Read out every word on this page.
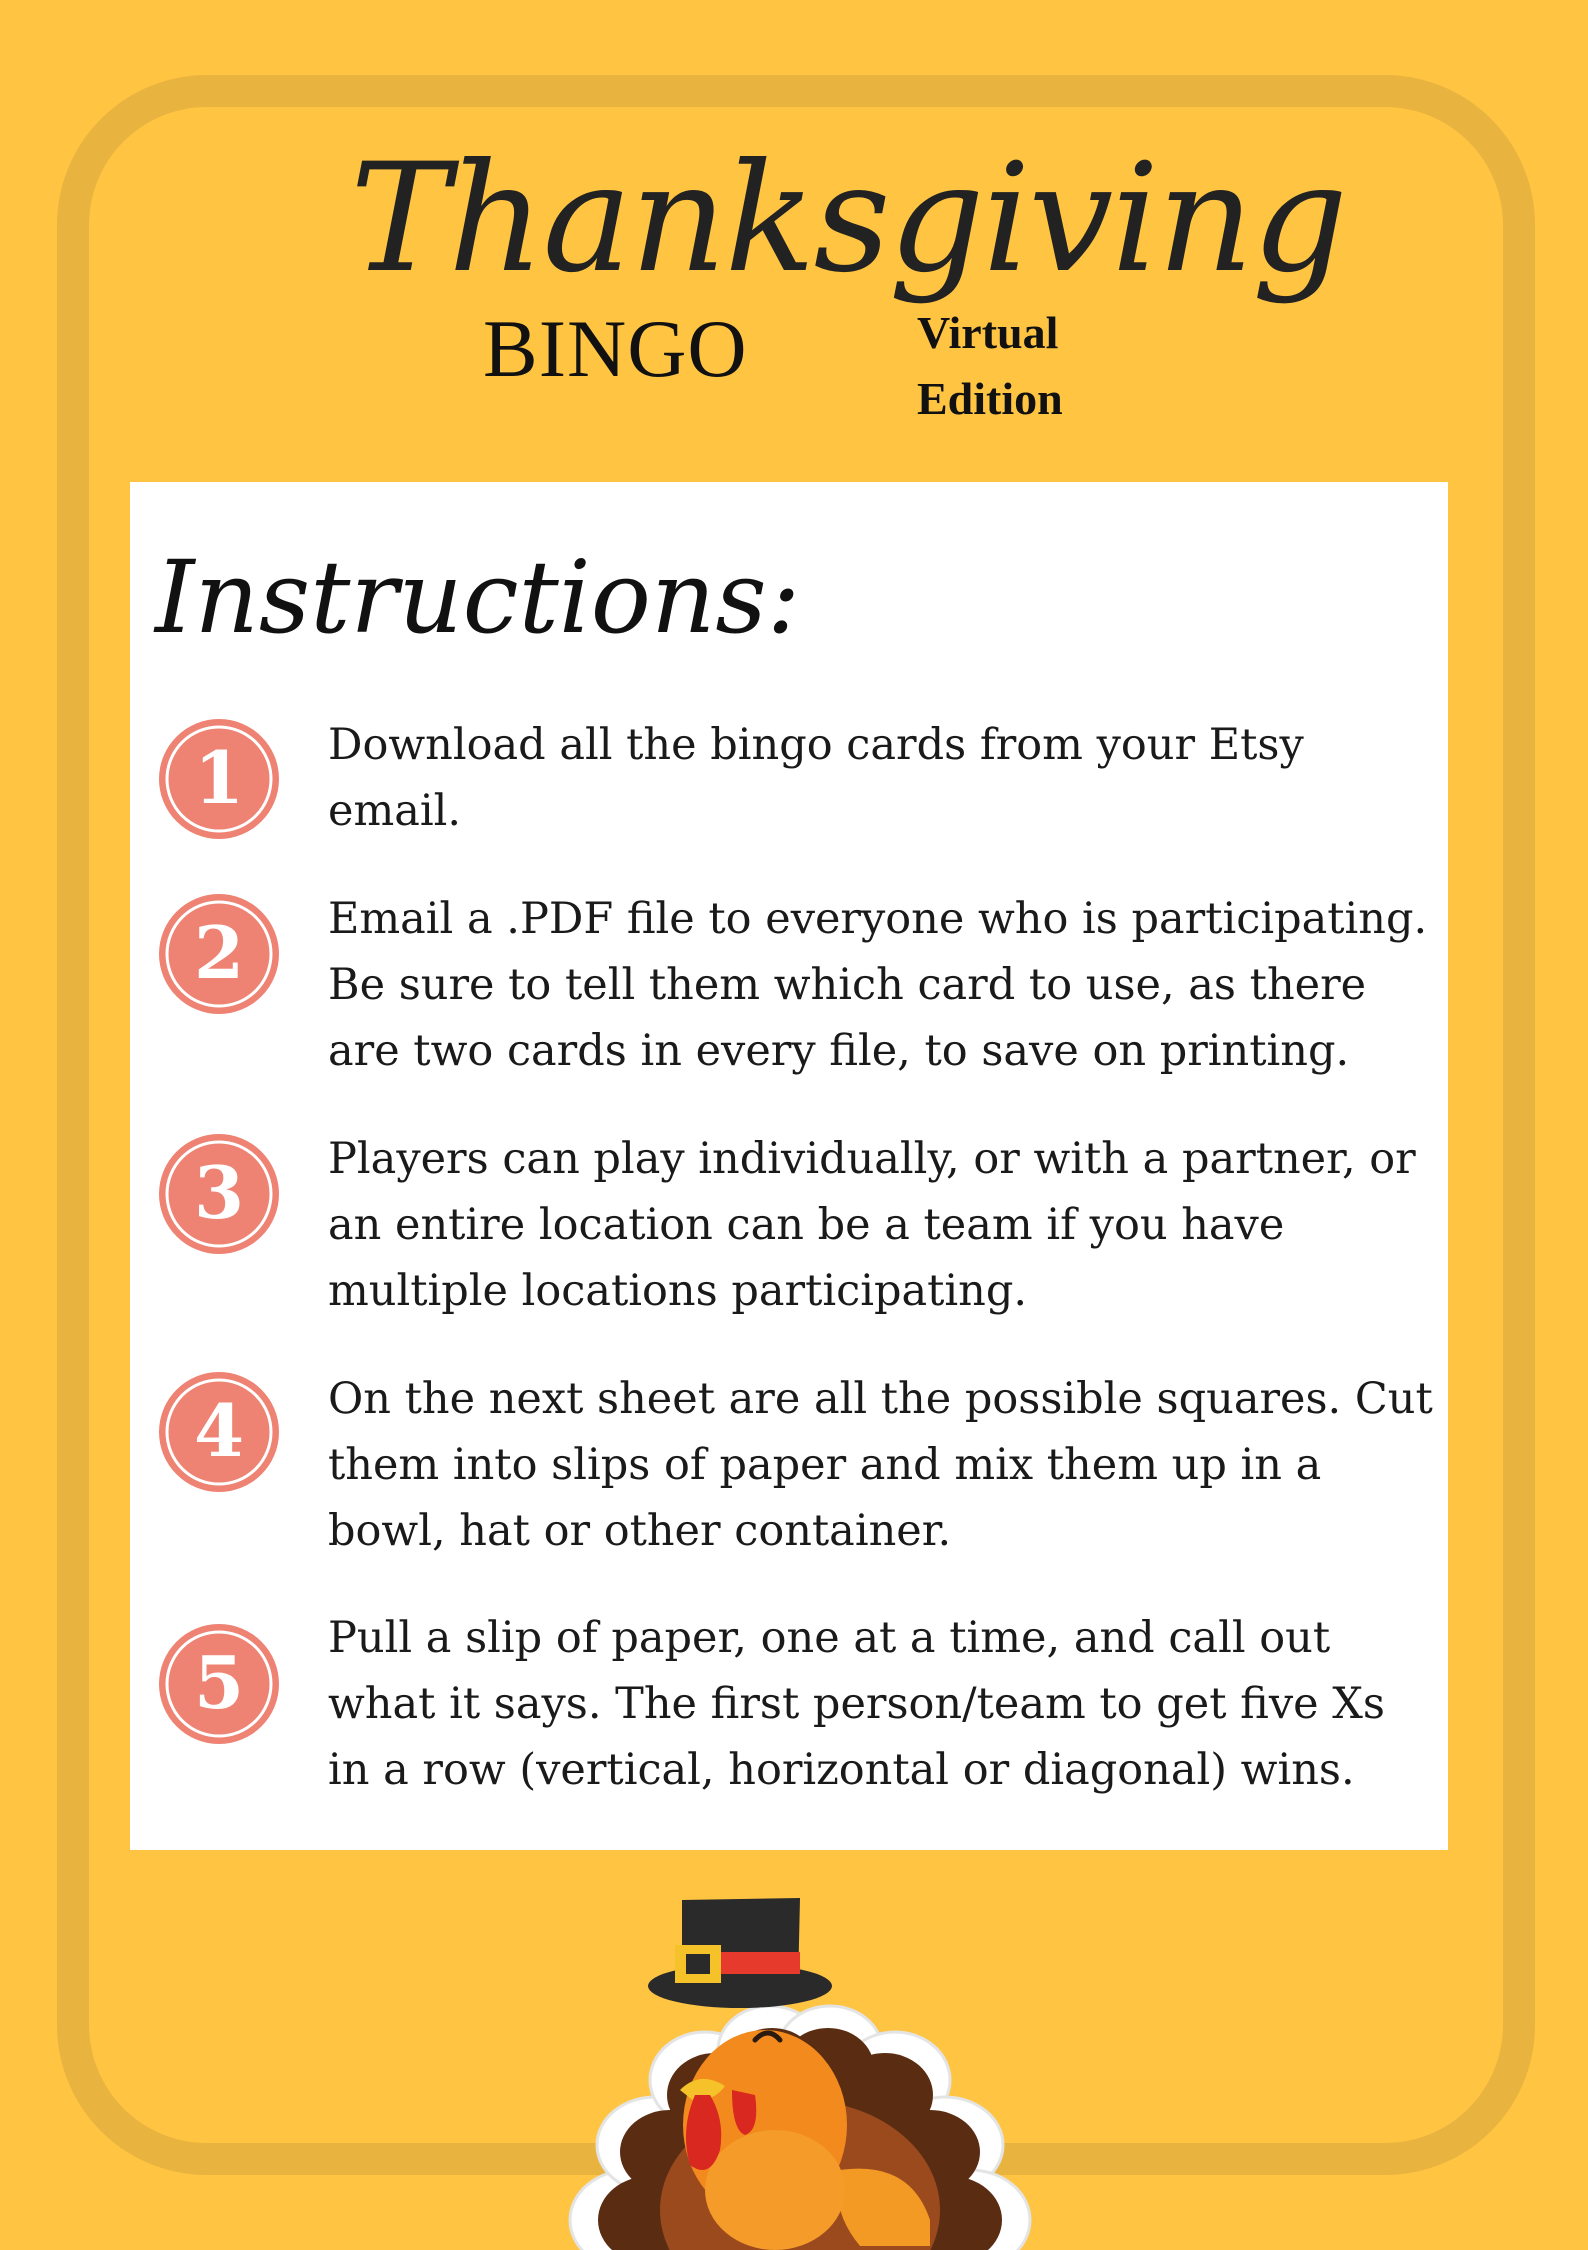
Thanksgiving
BINGO	Virtual
Edition
Instructions:
1 Download all the bingo cards from your Etsy email.

2 Email a .PDF file to everyone who is participating. Be sure to tell them which card to use, as there are two cards in every file, to save on printing.

3 Players can play individually, or with a partner, or an entire location can be a team if you have multiple locations participating.

4 On the next sheet are all the possible squares. Cut them into slips of paper and mix them up in a bowl, hat or other container.

5

Pull a slip of paper, one at a time, and call out what it says. The first person/team to get five Xs in a row (vertical, horizontal or diagonal) wins.
